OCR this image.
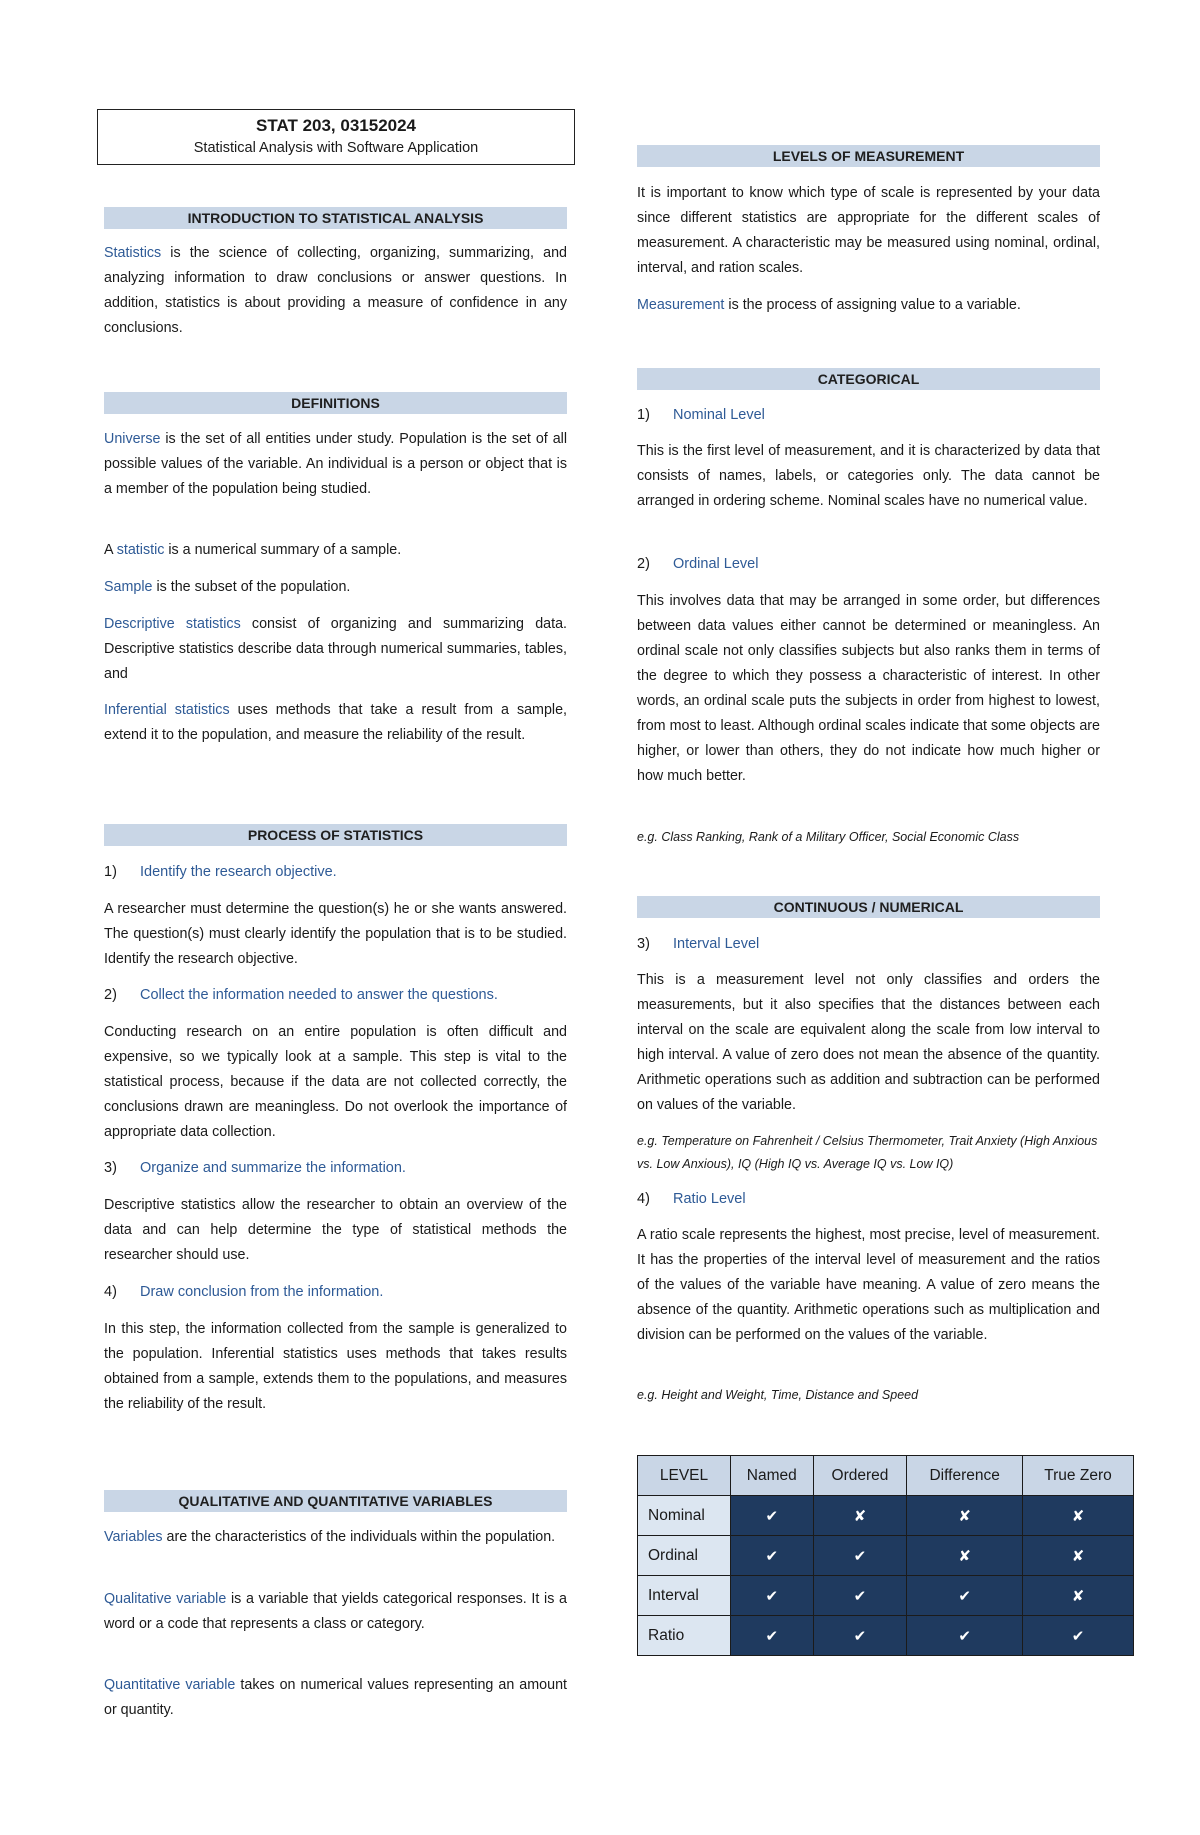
STAT 203, 03152024
Statistical Analysis with Software Application
INTRODUCTION TO STATISTICAL ANALYSIS

Statistics is the science of collecting, organizing, summarizing, and analyzing information to draw conclusions or answer questions. In addition, statistics is about providing a measure of confidence in any conclusions.

DEFINITIONS

Universe is the set of all entities under study. Population is the set of all possible values of the variable. An individual is a person or object that is a member of the population being studied.

A statistic is a numerical summary of a sample.

Sample is the subset of the population.

Descriptive statistics consist of organizing and summarizing data. Descriptive statistics describe data through numerical summaries, tables, and

Inferential statistics uses methods that take a result from a sample, extend it to the population, and measure the reliability of the result.

PROCESS OF STATISTICS
1) Identify the research objective.

A researcher must determine the question(s) he or she wants answered. The question(s) must clearly identify the population that is to be studied. Identify the research objective.

2) Collect the information needed to answer the questions.

Conducting research on an entire population is often difficult and expensive, so we typically look at a sample. This step is vital to the statistical process, because if the data are not collected correctly, the conclusions drawn are meaningless. Do not overlook the importance of appropriate data collection.

3) Organize and summarize the information.

Descriptive statistics allow the researcher to obtain an overview of the data and can help determine the type of statistical methods the researcher should use.

4) Draw conclusion from the information.

In this step, the information collected from the sample is generalized to the population. Inferential statistics uses methods that takes results obtained from a sample, extends them to the populations, and measures the reliability of the result.

QUALITATIVE AND QUANTITATIVE VARIABLES

Variables are the characteristics of the individuals within the population.

Qualitative variable is a variable that yields categorical responses. It is a word or a code that represents a class or category.

Quantitative variable takes on numerical values representing an amount or quantity.

LEVELS OF MEASUREMENT

It is important to know which type of scale is represented by your data since different statistics are appropriate for the different scales of measurement. A characteristic may be measured using nominal, ordinal, interval, and ration scales.

Measurement is the process of assigning value to a variable.

CATEGORICAL
1) Nominal Level

This is the first level of measurement, and it is characterized by data that consists of names, labels, or categories only. The data cannot be arranged in ordering scheme. Nominal scales have no numerical value.

2) Ordinal Level

This involves data that may be arranged in some order, but differences between data values either cannot be determined or meaningless. An ordinal scale not only classifies subjects but also ranks them in terms of the degree to which they possess a characteristic of interest. In other words, an ordinal scale puts the subjects in order from highest to lowest, from most to least. Although ordinal scales indicate that some objects are higher, or lower than others, they do not indicate how much higher or how much better.

e.g. Class Ranking, Rank of a Military Officer, Social Economic Class

CONTINUOUS / NUMERICAL
3) Interval Level

This is a measurement level not only classifies and orders the measurements, but it also specifies that the distances between each interval on the scale are equivalent along the scale from low interval to high interval. A value of zero does not mean the absence of the quantity. Arithmetic operations such as addition and subtraction can be performed on values of the variable.

e.g. Temperature on Fahrenheit / Celsius Thermometer, Trait Anxiety (High Anxious vs. Low Anxious), IQ (High IQ vs. Average IQ vs. Low IQ)

4) Ratio Level

A ratio scale represents the highest, most precise, level of measurement. It has the properties of the interval level of measurement and the ratios of the values of the variable have meaning. A value of zero means the absence of the quantity. Arithmetic operations such as multiplication and division can be performed on the values of the variable.

e.g. Height and Weight, Time, Distance and Speed

LEVEL	Named	Ordered	Difference	True Zero
Nominal	✔	✘	✘	✘
Ordinal	✔	✔	✘	✘
Interval	✔	✔	✔	✘
Ratio	✔	✔	✔	✔
